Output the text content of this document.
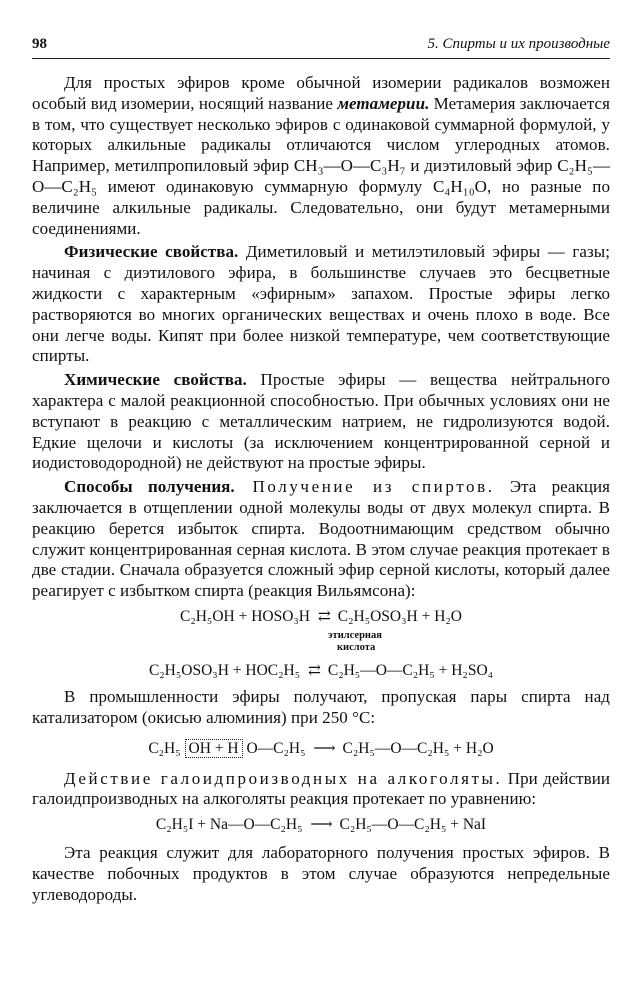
98	5. Спирты и их производные

Для простых эфиров кроме обычной изомерии радикалов возможен особый вид изомерии, носящий название метамерии. Метамерия заключается в том, что существует несколько эфиров с одинаковой суммарной формулой, у которых алкильные радикалы отличаются числом углеродных атомов. Например, метилпропиловый эфир CH₃—O—C₃H₇ и диэтиловый эфир C₂H₅—O—C₂H₅ имеют одинаковую суммарную формулу C₄H₁₀O, но разные по величине алкильные радикалы. Следовательно, они будут метамерными соединениями.

Физические свойства. Диметиловый и метилэтиловый эфиры — газы; начиная с диэтилового эфира, в большинстве случаев это бесцветные жидкости с характерным «эфирным» запахом. Простые эфиры легко растворяются во многих органических веществах и очень плохо в воде. Все они легче воды. Кипят при более низкой температуре, чем соответствующие спирты.

Химические свойства. Простые эфиры — вещества нейтрального характера с малой реакционной способностью. При обычных условиях они не вступают в реакцию с металлическим натрием, не гидролизуются водой. Едкие щелочи и кислоты (за исключением концентрированной серной и иодистоводородной) не действуют на простые эфиры.

Способы получения. Получение из спиртов. Эта реакция заключается в отщеплении одной молекулы воды от двух молекул спирта. В реакцию берется избыток спирта. Водоотнимающим средством обычно служит концентрированная серная кислота. В этом случае реакция протекает в две стадии. Сначала образуется сложный эфир серной кислоты, который далее реагирует с избытком спирта (реакция Вильямсона):

C₂H₅OH + HOSO₃H ⇄ C₂H₅OSO₃H + H₂O
этилсерная
кислота
C₂H₅OSO₃H + HOC₂H₅ ⇄ C₂H₅—O—C₂H₅ + H₂SO₄

В промышленности эфиры получают, пропуская пары спирта над катализатором (окисью алюминия) при 250 °C:

C₂H₅ OH + H O—C₂H₅ ⟶ C₂H₅—O—C₂H₅ + H₂O

Действие галоидпроизводных на алкоголяты. При действии галоидпроизводных на алкоголяты реакция протекает по уравнению:

C₂H₅I + Na—O—C₂H₅ ⟶ C₂H₅—O—C₂H₅ + NaI

Эта реакция служит для лабораторного получения простых эфиров. В качестве побочных продуктов в этом случае образуются непредельные углеводороды.
